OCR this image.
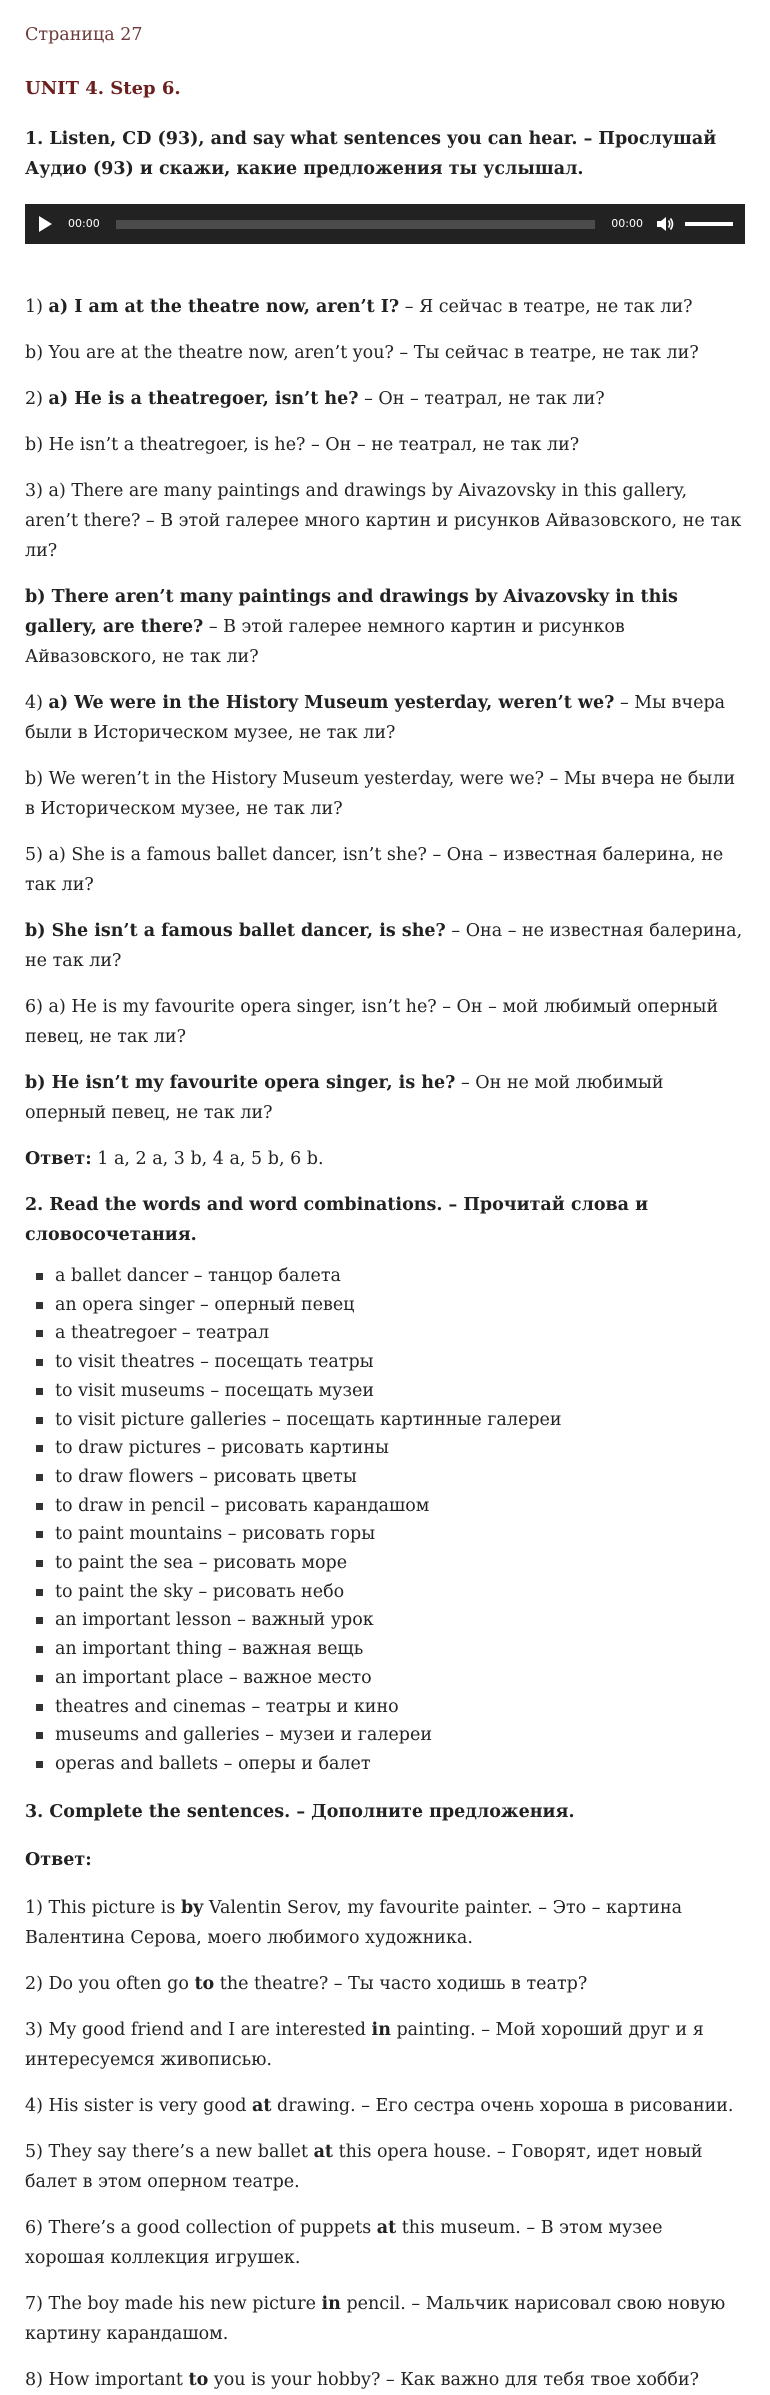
Страница 27
UNIT 4. Step 6.
1. Listen, CD (93), and say what sentences you can hear. – Прослушай Аудио (93) и скажи, какие предложения ты услышал.
00:00	00:00

1) a) I am at the theatre now, aren’t I? – Я сейчас в театре, не так ли?

b) You are at the theatre now, aren’t you? – Ты сейчас в театре, не так ли?

2) a) He is a theatregoer, isn’t he? – Он – театрал, не так ли?

b) He isn’t a theatregoer, is he? – Он – не театрал, не так ли?

3) a) There are many paintings and drawings by Aivazovsky in this gallery, aren’t there? – В этой галерее много картин и рисунков Айвазовского, не так ли?

b) There aren’t many paintings and drawings by Aivazovsky in this gallery, are there? – В этой галерее немного картин и рисунков Айвазовского, не так ли?

4) a) We were in the History Museum yesterday, weren’t we? – Мы вчера были в Историческом музее, не так ли?

b) We weren’t in the History Museum yesterday, were we? – Мы вчера не были в Историческом музее, не так ли?

5) a) She is a famous ballet dancer, isn’t she? – Она – известная балерина, не так ли?

b) She isn’t a famous ballet dancer, is she? – Она – не известная балерина, не так ли?

6) a) He is my favourite opera singer, isn’t he? – Он – мой любимый оперный певец, не так ли?

b) He isn’t my favourite opera singer, is he? – Он не мой любимый оперный певец, не так ли?

Ответ: 1 a, 2 a, 3 b, 4 a, 5 b, 6 b.

2. Read the words and word combinations. – Прочитай слова и словосочетания.
a ballet dancer – танцор балета
an opera singer – оперный певец
a theatregoer – театрал
to visit theatres – посещать театры
to visit museums – посещать музеи
to visit picture galleries – посещать картинные галереи
to draw pictures – рисовать картины
to draw flowers – рисовать цветы
to draw in pencil – рисовать карандашом
to paint mountains – рисовать горы
to paint the sea – рисовать море
to paint the sky – рисовать небо
an important lesson – важный урок
an important thing – важная вещь
an important place – важное место
theatres and cinemas – театры и кино
museums and galleries – музеи и галереи
operas and ballets – оперы и балет
3. Complete the sentences. – Дополните предложения.
Ответ:

1) This picture is by Valentin Serov, my favourite painter. – Это – картина Валентина Серова, моего любимого художника.

2) Do you often go to the theatre? – Ты часто ходишь в театр?

3) My good friend and I are interested in painting. – Мой хороший друг и я интересуемся живописью.

4) His sister is very good at drawing. – Его сестра очень хороша в рисовании.

5) They say there’s a new ballet at this opera house. – Говорят, идет новый балет в этом оперном театре.

6) There’s a good collection of puppets at this museum. – В этом музее хорошая коллекция игрушек.

7) The boy made his new picture in pencil. – Мальчик нарисовал свою новую картину карандашом.

8) How important to you is your hobby? – Как важно для тебя твое хобби?
